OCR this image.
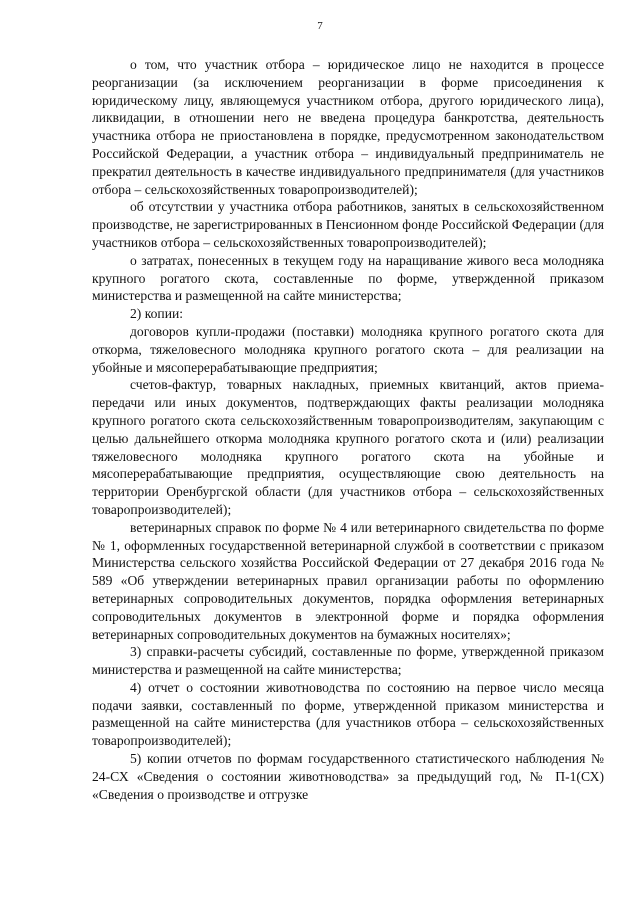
7

о том, что участник отбора – юридическое лицо не находится в процессе реорганизации (за исключением реорганизации в форме присоединения к юридическому лицу, являющемуся участником отбора, другого юридического лица), ликвидации, в отношении него не введена процедура банкротства, деятельность участника отбора не приостановлена в порядке, предусмотренном законодательством Российской Федерации, а участник отбора – индивидуальный предприниматель не прекратил деятельность в качестве индивидуального предпринимателя (для участников отбора – сельскохозяйственных товаропроизводителей);

об отсутствии у участника отбора работников, занятых в сельскохозяйственном производстве, не зарегистрированных в Пенсионном фонде Российской Федерации (для участников отбора – сельскохозяйственных товаропроизводителей);

о затратах, понесенных в текущем году на наращивание живого веса молодняка крупного рогатого скота, составленные по форме, утвержденной приказом министерства и размещенной на сайте министерства;

2) копии:

договоров купли-продажи (поставки) молодняка крупного рогатого скота для откорма, тяжеловесного молодняка крупного рогатого скота – для реализации на убойные и мясоперерабатывающие предприятия;

счетов-фактур, товарных накладных, приемных квитанций, актов приема-передачи или иных документов, подтверждающих факты реализации молодняка крупного рогатого скота сельскохозяйственным товаропроизводителям, закупающим с целью дальнейшего откорма молодняка крупного рогатого скота и (или) реализации тяжеловесного молодняка крупного рогатого скота на убойные и мясоперерабатывающие предприятия, осуществляющие свою деятельность на территории Оренбургской области (для участников отбора – сельскохозяйственных товаропроизводителей);

ветеринарных справок по форме № 4 или ветеринарного свидетельства по форме № 1, оформленных государственной ветеринарной службой в соответствии с приказом Министерства сельского хозяйства Российской Федерации от 27 декабря 2016 года № 589 «Об утверждении ветеринарных правил организации работы по оформлению ветеринарных сопроводительных документов, порядка оформления ветеринарных сопроводительных документов в электронной форме и порядка оформления ветеринарных сопроводительных документов на бумажных носителях»;

3) справки-расчеты субсидий, составленные по форме, утвержденной приказом министерства и размещенной на сайте министерства;

4) отчет о состоянии животноводства по состоянию на первое число месяца подачи заявки, составленный по форме, утвержденной приказом министерства и размещенной на сайте министерства (для участников отбора – сельскохозяйственных товаропроизводителей);

5) копии отчетов по формам государственного статистического наблюдения № 24-СХ «Сведения о состоянии животноводства» за предыдущий год, № П-1(СХ) «Сведения о производстве и отгрузке
